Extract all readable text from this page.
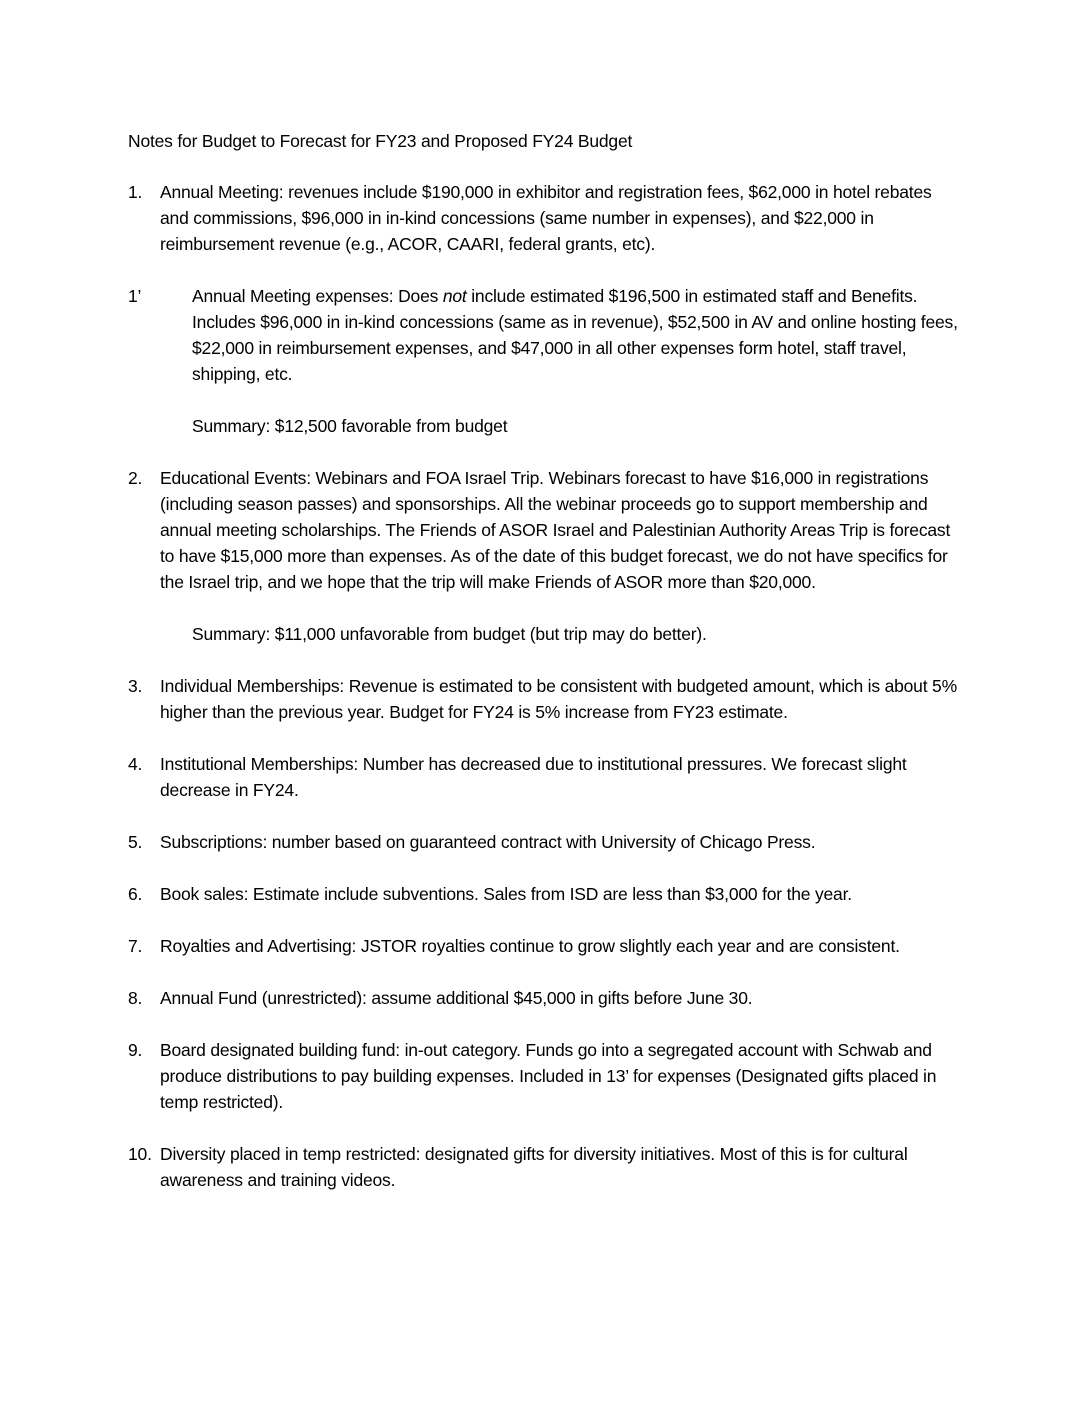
Notes for Budget to Forecast for FY23 and Proposed FY24 Budget
1.	Annual Meeting: revenues include $190,000 in exhibitor and registration fees, $62,000 in hotel rebates and commissions, $96,000 in in-kind concessions (same number in expenses), and $22,000 in reimbursement revenue (e.g., ACOR, CAARI, federal grants, etc).
1’	Annual Meeting expenses: Does not include estimated $196,500 in estimated staff and Benefits. Includes $96,000 in in-kind concessions (same as in revenue), $52,500 in AV and online hosting fees, $22,000 in reimbursement expenses, and $47,000 in all other expenses form hotel, staff travel, shipping, etc.
Summary: $12,500 favorable from budget
2.	Educational Events: Webinars and FOA Israel Trip. Webinars forecast to have $16,000 in registrations (including season passes) and sponsorships. All the webinar proceeds go to support membership and annual meeting scholarships. The Friends of ASOR Israel and Palestinian Authority Areas Trip is forecast to have $15,000 more than expenses. As of the date of this budget forecast, we do not have specifics for the Israel trip, and we hope that the trip will make Friends of ASOR more than $20,000.
Summary: $11,000 unfavorable from budget (but trip may do better).
3.	Individual Memberships: Revenue is estimated to be consistent with budgeted amount, which is about 5% higher than the previous year. Budget for FY24 is 5% increase from FY23 estimate.
4.	Institutional Memberships: Number has decreased due to institutional pressures. We forecast slight decrease in FY24.
5.	Subscriptions: number based on guaranteed contract with University of Chicago Press.
6.	Book sales: Estimate include subventions. Sales from ISD are less than $3,000 for the year.
7.	Royalties and Advertising: JSTOR royalties continue to grow slightly each year and are consistent.
8.	Annual Fund (unrestricted): assume additional $45,000 in gifts before June 30.
9.	Board designated building fund: in-out category. Funds go into a segregated account with Schwab and produce distributions to pay building expenses. Included in 13’ for expenses (Designated gifts placed in temp restricted).
10. Diversity placed in temp restricted: designated gifts for diversity initiatives. Most of this is for cultural awareness and training videos.
